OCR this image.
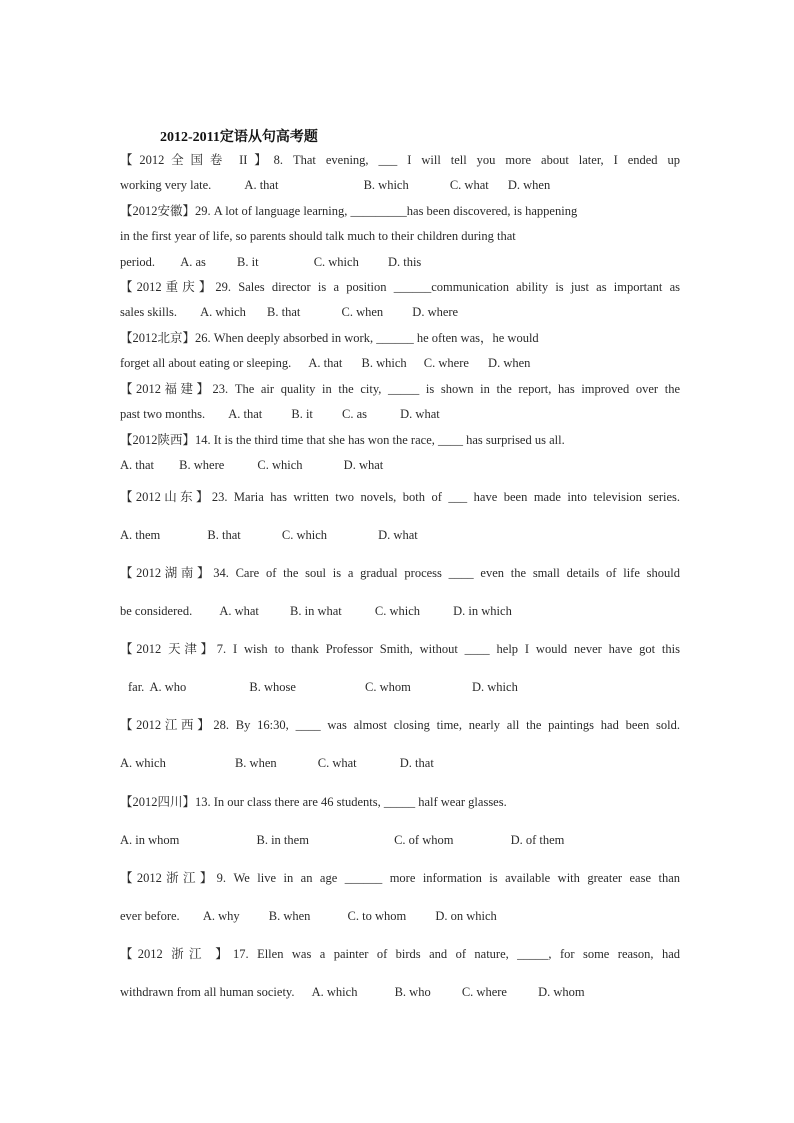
2012-2011定语从句高考题
【2012全国卷 II】8. That evening, ___ I will tell you more about later, I ended up
working very late.	A. that	B. which	C. what D. when
【2012安徽】29. A lot of language learning, _________has been discovered, is happening
in the first year of life, so parents should talk much to their children during that
period. A. as B. it	C. which D. this
【2012重庆】29. Sales director is a position ______communication ability is just as important as
sales skills. A. which B. that	C. when D. where
【2012北京】26. When deeply absorbed in work, ______ he often was，he would
forget all about eating or sleeping. A. that B. which C. where D. when
【2012福建】23. The air quality in the city, _____ is shown in the report, has improved over the
past two months. A. that B. it C. as	D. what
【2012陕西】14. It is the third time that she has won the race, ____ has surprised us all.
A. that B. where	C. which	D. what
【2012山东】23. Maria has written two novels, both of ___ have been made into television series.
A. them	B. that	C. which	D. what
【2012湖南】34. Care of the soul is a gradual process ____ even the small details of life should
be considered. A. what B. in what	C. which	D. in which
【2012 天津】7. I wish to thank Professor Smith, without ____ help I would never have got this
far. A. who	B. whose	C. whom	D. which
【2012江西】28. By 16:30, ____ was almost closing time, nearly all the paintings had been sold.
A. which	B. when	C. what	D. that
【2012四川】13. In our class there are 46 students, _____ half wear glasses.
A. in whom	B. in them	C. of whom	D. of them
【2012浙江】9. We live in an age ______ more information is available with greater ease than
ever before. A. why B. when	C. to whom D. on which
【2012 浙江 】17. Ellen was a painter of birds and of nature, _____, for some reason, had
withdrawn from all human society. A. which	B. who C. where D. whom
